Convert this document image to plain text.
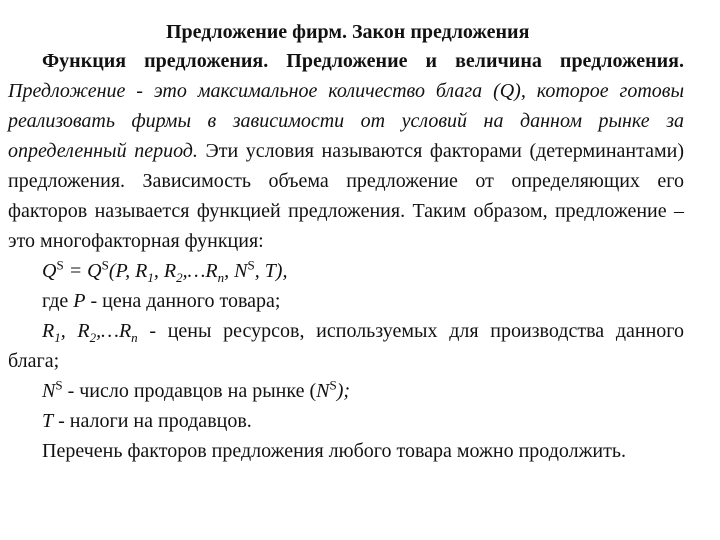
Предложение фирм. Закон предложения

Функция предложения. Предложение и величина предложения. Предложение - это максимальное количество блага (Q), которое готовы реализовать фирмы в зависимости от условий на данном рынке за определенный период. Эти условия называются факторами (детерминантами) предложения. Зависимость объема предложение от определяющих его факторов называется функцией предложения. Таким образом, предложение – это многофакторная функция:

$Q^S = Q^S(P$, $R_1$, $R_2,\dots R_n$, $N^S$, T),

где P - цена данного товара;

$R_1$, $R_2,\dots R_n$ - цены ресурсов, используемых для производства данного блага;

$N^S$ - число продавцов на рынке $(N^S)$;

T - налоги на продавцов.

Перечень факторов предложения любого товара можно продолжить.
